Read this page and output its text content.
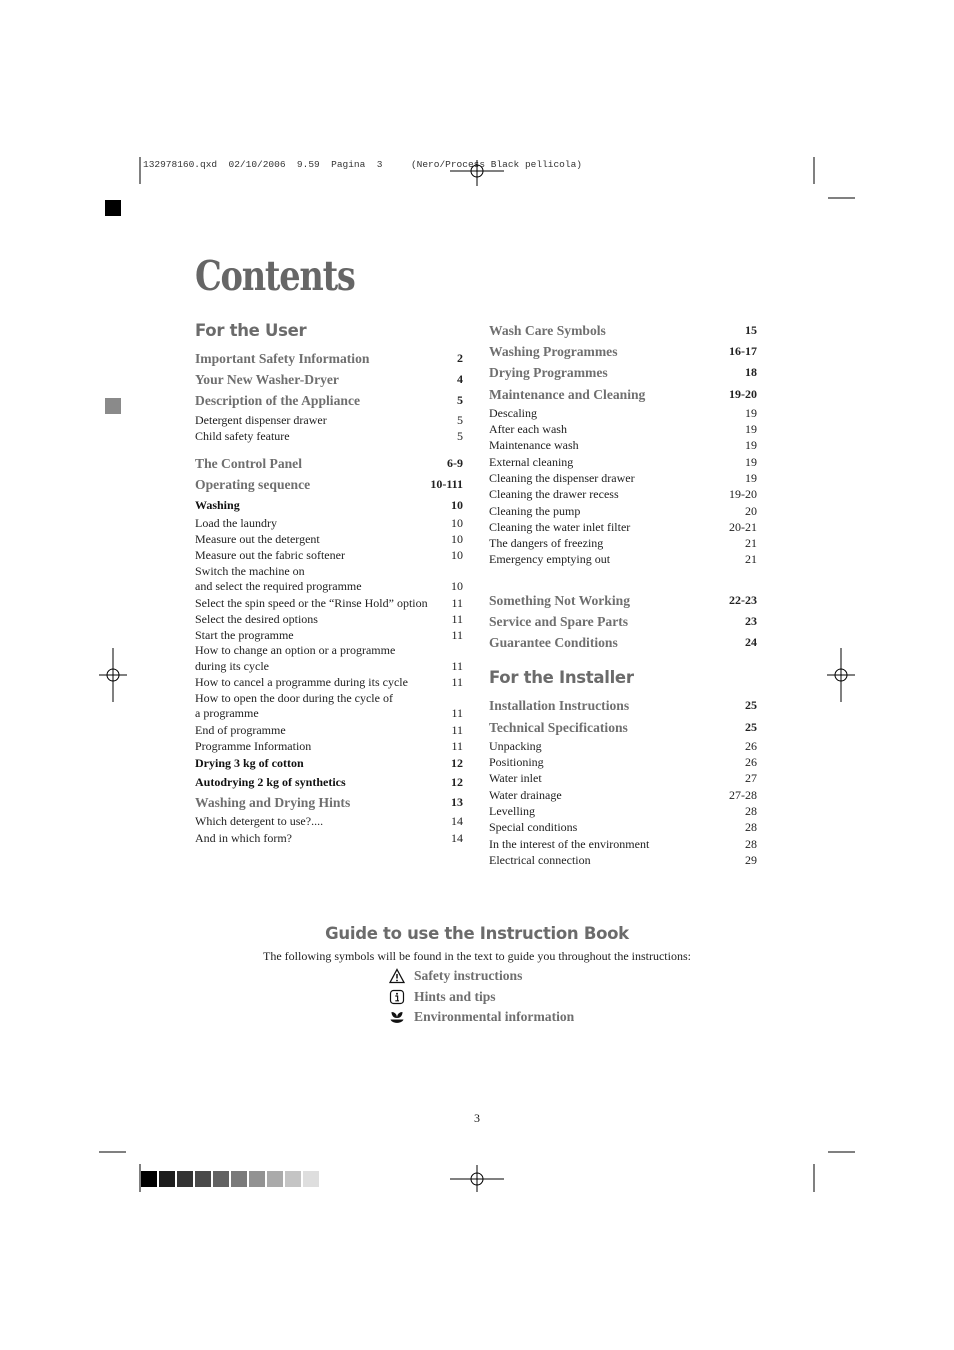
132978160.qxd  02/10/2006  9.59  Pagina  3     (Nero/Process Black pellicola)
Contents
For the User
Important Safety Information	2
Your New Washer-Dryer	4
Description of the Appliance	5
Detergent dispenser drawer	5
Child safety feature	5
The Control Panel	6-9
Operating sequence	10-111
Washing	10
Load the laundry	10
Measure out the detergent	10
Measure out the fabric softener	10
Switch the machine on
and select the required programme	10
Select the spin speed or the “Rinse Hold” option	11
Select the desired options	11
Start the programme	11
How to change an option or a programme
during its cycle	11
How to cancel a programme during its cycle	11
How to open the door during the cycle of
a programme	11
End of programme	11
Programme Information	11
Drying 3 kg of cotton	12
Autodrying 2 kg of synthetics	12
Washing and Drying Hints	13
Which detergent to use?....	14
And in which form?	14
Wash Care Symbols	15
Washing Programmes	16-17
Drying Programmes	18
Maintenance and Cleaning	19-20
Descaling	19
After each wash	19
Maintenance wash	19
External cleaning	19
Cleaning the dispenser drawer	19
Cleaning the drawer recess	19-20
Cleaning the pump	20
Cleaning the water inlet filter	20-21
The dangers of freezing	21
Emergency emptying out	21
Something Not Working	22-23
Service and Spare Parts	23
Guarantee Conditions	24
For the Installer
Installation Instructions	25
Technical Specifications	25
Unpacking	26
Positioning	26
Water inlet	27
Water drainage	27-28
Levelling	28
Special conditions	28
In the interest of the environment	28
Electrical connection	29
Guide to use the Instruction Book
The following symbols will be found in the text to guide you throughout the instructions:
Safety instructions
Hints and tips
Environmental information
3
